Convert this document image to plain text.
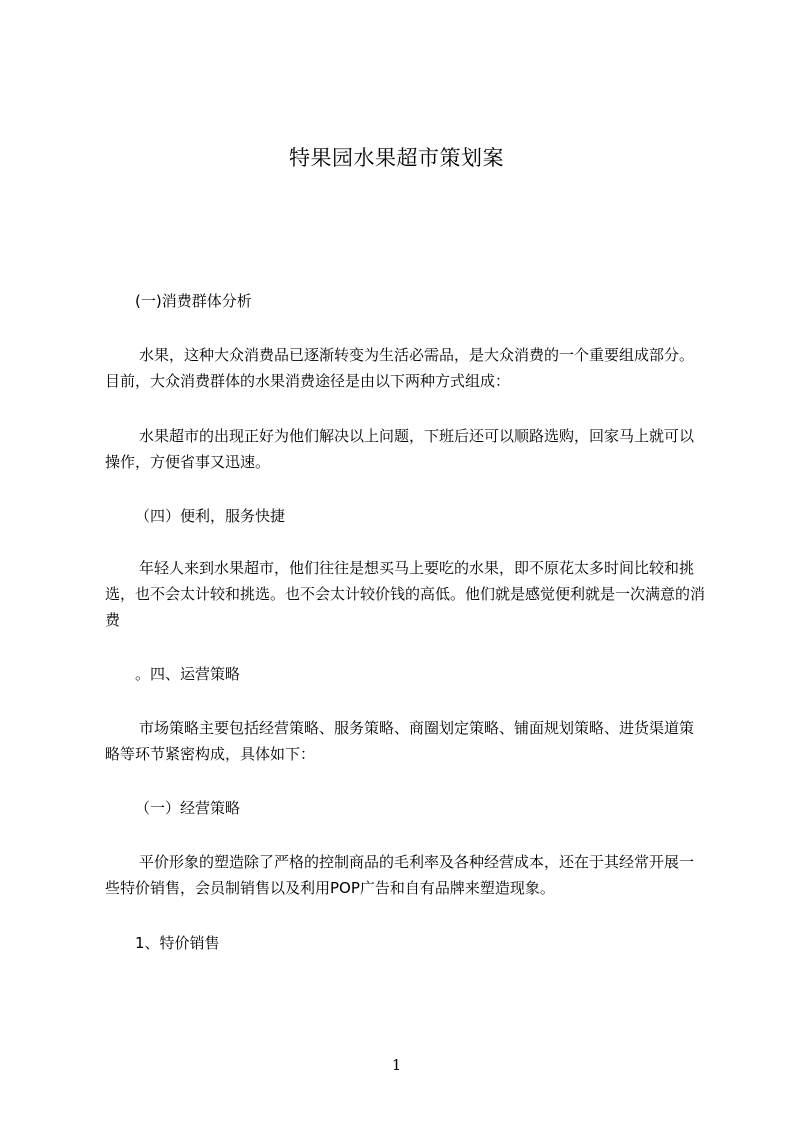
特果园水果超市策划案

(一)消费群体分析

水果，这种大众消费品已逐渐转变为生活必需品，是大众消费的一个重要组成部分。目前，大众消费群体的水果消费途径是由以下两种方式组成：

水果超市的出现正好为他们解决以上问题，下班后还可以顺路选购，回家马上就可以操作，方便省事又迅速。

（四）便利，服务快捷

年轻人来到水果超市，他们往往是想买马上要吃的水果，即不原花太多时间比较和挑选，也不会太计较和挑选。也不会太计较价钱的高低。他们就是感觉便利就是一次满意的消费

。四、运营策略

市场策略主要包括经营策略、服务策略、商圈划定策略、铺面规划策略、进货渠道策略等环节紧密构成，具体如下：

（一）经营策略

平价形象的塑造除了严格的控制商品的毛利率及各种经营成本，还在于其经常开展一些特价销售，会员制销售以及利用POP广告和自有品牌来塑造现象。

1、特价销售

1
